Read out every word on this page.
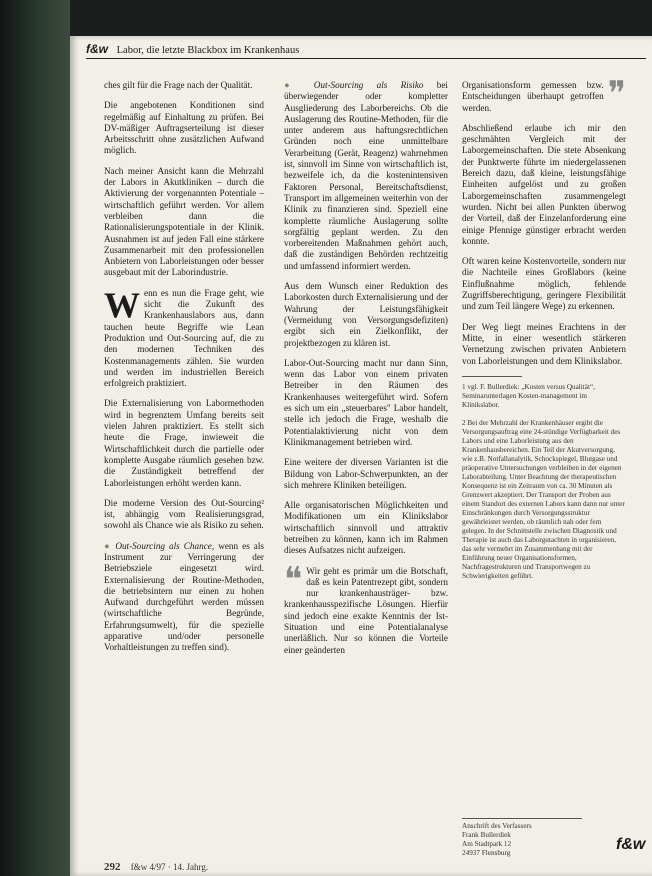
f&w Labor, die letzte Blackbox im Krankenhaus

ches gilt für die Frage nach der Qualität.

Die angebotenen Konditionen sind regelmäßig auf Einhaltung zu prüfen. Bei DV-mäßiger Auftragserteilung ist dieser Arbeitsschritt ohne zusätzlichen Aufwand möglich.

Nach meiner Ansicht kann die Mehrzahl der Labors in Akutkliniken – durch die Aktivierung der vorgenannten Potentiale – wirtschaftlich geführt werden. Vor allem verbleiben dann die Rationalisierungspotentiale in der Klinik. Ausnahmen ist auf jeden Fall eine stärkere Zusammenarbeit mit den professionellen Anbietern von Laborleistungen oder besser ausgebaut mit der Laborindustrie.

Wenn es nun die Frage geht, wie sicht die Zukunft des Krankenhauslabors aus, dann tauchen heute Begriffe wie Lean Produktion und Out-Sourcing auf, die zu den modernen Techniken des Kostenmanagements zählen. Sie wurden und werden im industriellen Bereich erfolgreich praktiziert.

Die Externalisierung von Labormethoden wird in begrenztem Umfang bereits seit vielen Jahren praktiziert. Es stellt sich heute die Frage, inwieweit die Wirtschaftlichkeit durch die partielle oder komplette Ausgabe räumlich gesehen bzw. die Zuständigkeit betreffend der Laborleistungen erhöht werden kann.

Die moderne Version des Out-Sourcing² ist, abhängig vom Realisierungsgrad, sowohl als Chance wie als Risiko zu sehen.

● Out-Sourcing als Chance, wenn es als Instrument zur Verringerung der Betriebsziele eingesetzt wird. Externalisierung der Routine-Methoden, die betriebsintern nur einen zu hohen Aufwand durchgeführt werden müssen (wirtschaftliche Begründe, Erfahrungsumwelt), für die spezielle apparative und/oder personelle Vorhaltleistungen zu treffen sind).

● Out-Sourcing als Risiko bei überwiegender oder kompletter Ausgliederung des Laborbereichs. Ob die Auslagerung des Routine-Methoden, für die unter anderem aus haftungsrechtlichen Gründen noch eine unmittelbare Verarbeitung (Gerät, Reagenz) wahrnehmen ist, sinnvoll im Sinne von wirtschaftlich ist, bezweifele ich, da die kostenintensiven Faktoren Personal, Bereitschaftsdienst, Transport im allgemeinen weiterhin von der Klinik zu finanzieren sind. Speziell eine komplette räumliche Auslagerung sollte sorgfältig geplant werden. Zu den vorbereitenden Maßnahmen gehört auch, daß die zuständigen Behörden rechtzeitig und umfassend informiert werden.

Aus dem Wunsch einer Reduktion des Laborkosten durch Externalisierung und der Wahrung der Leistungsfähigkeit (Vermeidung von Versorgungsdefiziten) ergibt sich ein Zielkonflikt, der projektbezogen zu klären ist.

Labor-Out-Sourcing macht nur dann Sinn, wenn das Labor von einem privaten Betreiber in den Räumen des Krankenhauses weitergeführt wird. Sofern es sich um ein „steuerbares" Labor handelt, stelle ich jedoch die Frage, weshalb die Potentialaktivierung nicht von dem Klinikmanagement betrieben wird.

Eine weitere der diversen Varianten ist die Bildung von Labor-Schwerpunkten, an der sich mehrere Kliniken beteiligen.

Alle organisatorischen Möglichkeiten und Modifikationen um ein Klinikslabor wirtschaftlich sinnvoll und attraktiv betreiben zu können, kann ich im Rahmen dieses Aufsatzes nicht aufzeigen.

❝ Wir geht es primär um die Botschaft, daß es kein Patentrezept gibt, sondern nur krankenhausträger- bzw. krankenhausspezifische Lösungen. Hierfür sind jedoch eine exakte Kenntnis der Ist-Situation und eine Potentialanalyse unerläßlich. Nur so können die Vorteile einer geänderten

❞
Organisationsform gemessen bzw. Entscheidungen überhaupt getroffen werden.

Abschließend erlaube ich mir den geschmähten Vergleich mit der Laborgemeinschaften. Die stete Absenkung der Punktwerte führte im niedergelassenen Bereich dazu, daß kleine, leistungsfähige Einheiten aufgelöst und zu großen Laborgemeinschaften zusammengelegt wurden. Nicht bei allen Punkten überwog der Vorteil, daß der Einzelanforderung eine einige Pfennige günstiger erbracht werden konnte.

Oft waren keine Kostenvorteile, sondern nur die Nachteile eines Großlabors (keine Einflußnahme möglich, fehlende Zugriffsberechtigung, geringere Flexibilität und zum Teil längere Wege) zu erkennen.

Der Weg liegt meines Erachtens in der Mitte, in einer wesentlich stärkeren Vernetzung zwischen privaten Anbietern von Laborleistungen und dem Klinikslabor.

1 vgl. F. Bullerdiek: „Kosten versus Qualität“, Seminarunterlagen Kosten-management im Klinikslabor.

2 Bei der Mehrzahl der Krankenhäuser ergibt die Versorgungsauftrag eine 24-stündige Verfügbarkeit des Labors und eine Laborleistung aus den Krankenhausbereichen. Ein Teil der Akutversorgung, wie z.B. Notfallanalytik, Schockspiegel, Blutgase und präoperative Untersuchungen verbleiben in der eigenen Laborabteilung. Unter Beachtung der therapeutischen Konsequenz ist ein Zeitraum von ca. 30 Minuten als Grenzwert akzeptiert. Der Transport der Proben aus einem Standort des externen Labors kann dann nur unter Einschränkungen durch Versorgungsstruktur gewährleistet werden, ob räumlich nah oder fern gelegen. In der Schnittstelle zwischen Diagnostik und Therapie ist auch das Laborgutachten in organisieren, das sehr vermehrt im Zusammenhang mit der Einführung neuer Organisationsformen, Nachfragestrukturen und Transportwegen zu Schwierigkeiten geführt.

Anschrift des Verfassers
Frank Bullerdiek
Am Stadtpark 12
24937 Flensburg	f&w
292 f&w 4/97 · 14. Jahrg.
